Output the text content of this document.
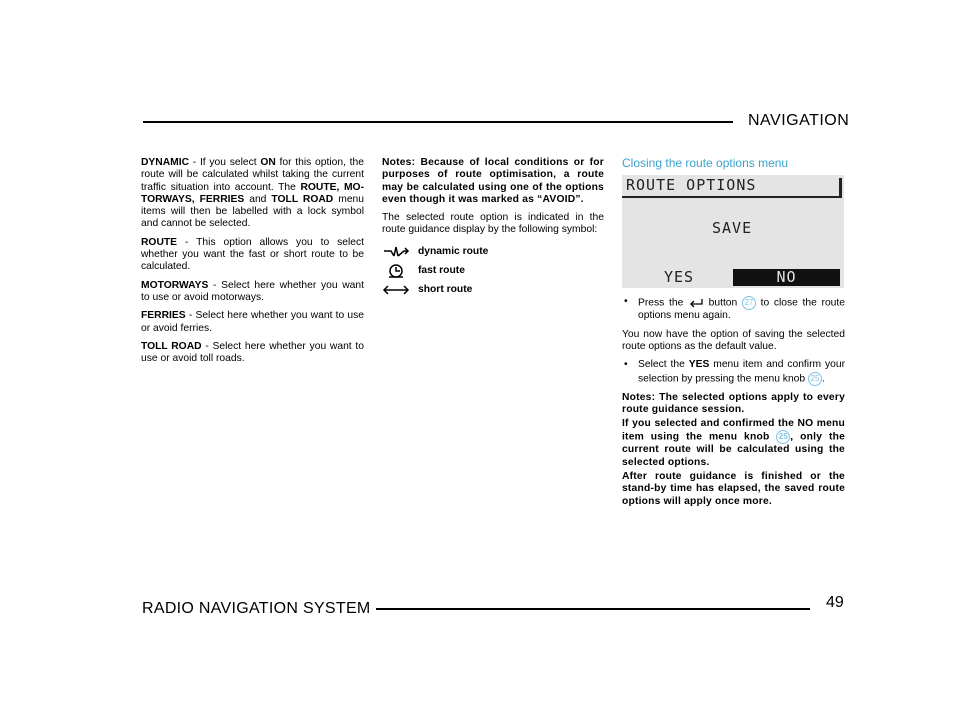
NAVIGATION

DYNAMIC - If you select ON for this option, the route will be calculated whilst taking the current traffic situation into account. The ROUTE, MO-TORWAYS, FERRIES and TOLL ROAD menu items will then be labelled with a lock symbol and cannot be selected.

ROUTE - This option allows you to select whether you want the fast or short route to be calculated.

MOTORWAYS - Select here whether you want to use or avoid motorways.

FERRIES - Select here whether you want to use or avoid ferries.

TOLL ROAD - Select here whether you want to use or avoid toll roads.

Notes: Because of local conditions or for purposes of route optimisation, a route may be calculated using one of the options even though it was marked as “AVOID”.

The selected route option is indicated in the route guidance display by the following symbol:

dynamic route
fast route
short route

Closing the route options menu

ROUTE OPTIONS
SAVE
YES	NO

• Press the  button 27 to close the route options menu again.

You now have the option of saving the selected route options as the default value.

• Select the YES menu item and confirm your selection by pressing the menu knob 25 .

Notes: The selected options apply to every route guidance session.

If you selected and confirmed the NO menu item using the menu knob 25 , only the current route will be calculated using the selected options.

After route guidance is finished or the stand-by time has elapsed, the saved route options will apply once more.

RADIO NAVIGATION SYSTEM	49
